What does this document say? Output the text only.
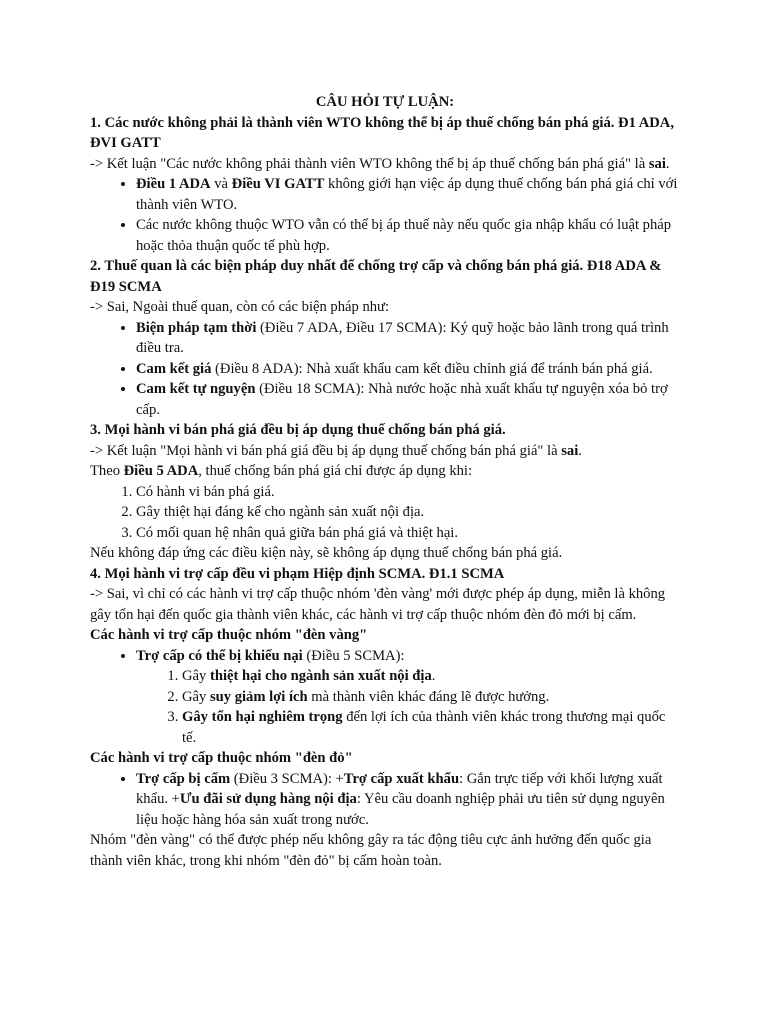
CÂU HỎI TỰ LUẬN:

1. Các nước không phải là thành viên WTO không thể bị áp thuế chống bán phá giá. Đ1 ADA, ĐVI GATT

-> Kết luận "Các nước không phải thành viên WTO không thể bị áp thuế chống bán phá giá" là sai.

• Điều 1 ADA và Điều VI GATT không giới hạn việc áp dụng thuế chống bán phá giá chỉ với thành viên WTO.
• Các nước không thuộc WTO vẫn có thể bị áp thuế này nếu quốc gia nhập khẩu có luật pháp hoặc thỏa thuận quốc tế phù hợp.

2. Thuế quan là các biện pháp duy nhất để chống trợ cấp và chống bán phá giá. Đ18 ADA & Đ19 SCMA

-> Sai, Ngoài thuế quan, còn có các biện pháp như:

• Biện pháp tạm thời (Điều 7 ADA, Điều 17 SCMA): Ký quỹ hoặc bảo lãnh trong quá trình điều tra.
• Cam kết giá (Điều 8 ADA): Nhà xuất khẩu cam kết điều chỉnh giá để tránh bán phá giá.
• Cam kết tự nguyện (Điều 18 SCMA): Nhà nước hoặc nhà xuất khẩu tự nguyện xóa bỏ trợ cấp.

3. Mọi hành vi bán phá giá đều bị áp dụng thuế chống bán phá giá.

-> Kết luận "Mọi hành vi bán phá giá đều bị áp dụng thuế chống bán phá giá" là sai.

Theo Điều 5 ADA, thuế chống bán phá giá chỉ được áp dụng khi:

1. Có hành vi bán phá giá.
2. Gây thiệt hại đáng kể cho ngành sản xuất nội địa.
3. Có mối quan hệ nhân quả giữa bán phá giá và thiệt hại.

Nếu không đáp ứng các điều kiện này, sẽ không áp dụng thuế chống bán phá giá.

4. Mọi hành vi trợ cấp đều vi phạm Hiệp định SCMA. Đ1.1 SCMA

-> Sai, vì chỉ có các hành vi trợ cấp thuộc nhóm 'đèn vàng' mới được phép áp dụng, miễn là không gây tổn hại đến quốc gia thành viên khác, các hành vi trợ cấp thuộc nhóm đèn đỏ mới bị cấm.

Các hành vi trợ cấp thuộc nhóm "đèn vàng"

• Trợ cấp có thể bị khiếu nại (Điều 5 SCMA):
1. Gây thiệt hại cho ngành sản xuất nội địa.
2. Gây suy giảm lợi ích mà thành viên khác đáng lẽ được hưởng.
3. Gây tổn hại nghiêm trọng đến lợi ích của thành viên khác trong thương mại quốc tế.

Các hành vi trợ cấp thuộc nhóm "đèn đỏ"

• Trợ cấp bị cấm (Điều 3 SCMA): +Trợ cấp xuất khẩu: Gắn trực tiếp với khối lượng xuất khẩu. +Ưu đãi sử dụng hàng nội địa: Yêu cầu doanh nghiệp phải ưu tiên sử dụng nguyên liệu hoặc hàng hóa sản xuất trong nước.

Nhóm "đèn vàng" có thể được phép nếu không gây ra tác động tiêu cực ảnh hưởng đến quốc gia thành viên khác, trong khi nhóm "đèn đỏ" bị cấm hoàn toàn.
